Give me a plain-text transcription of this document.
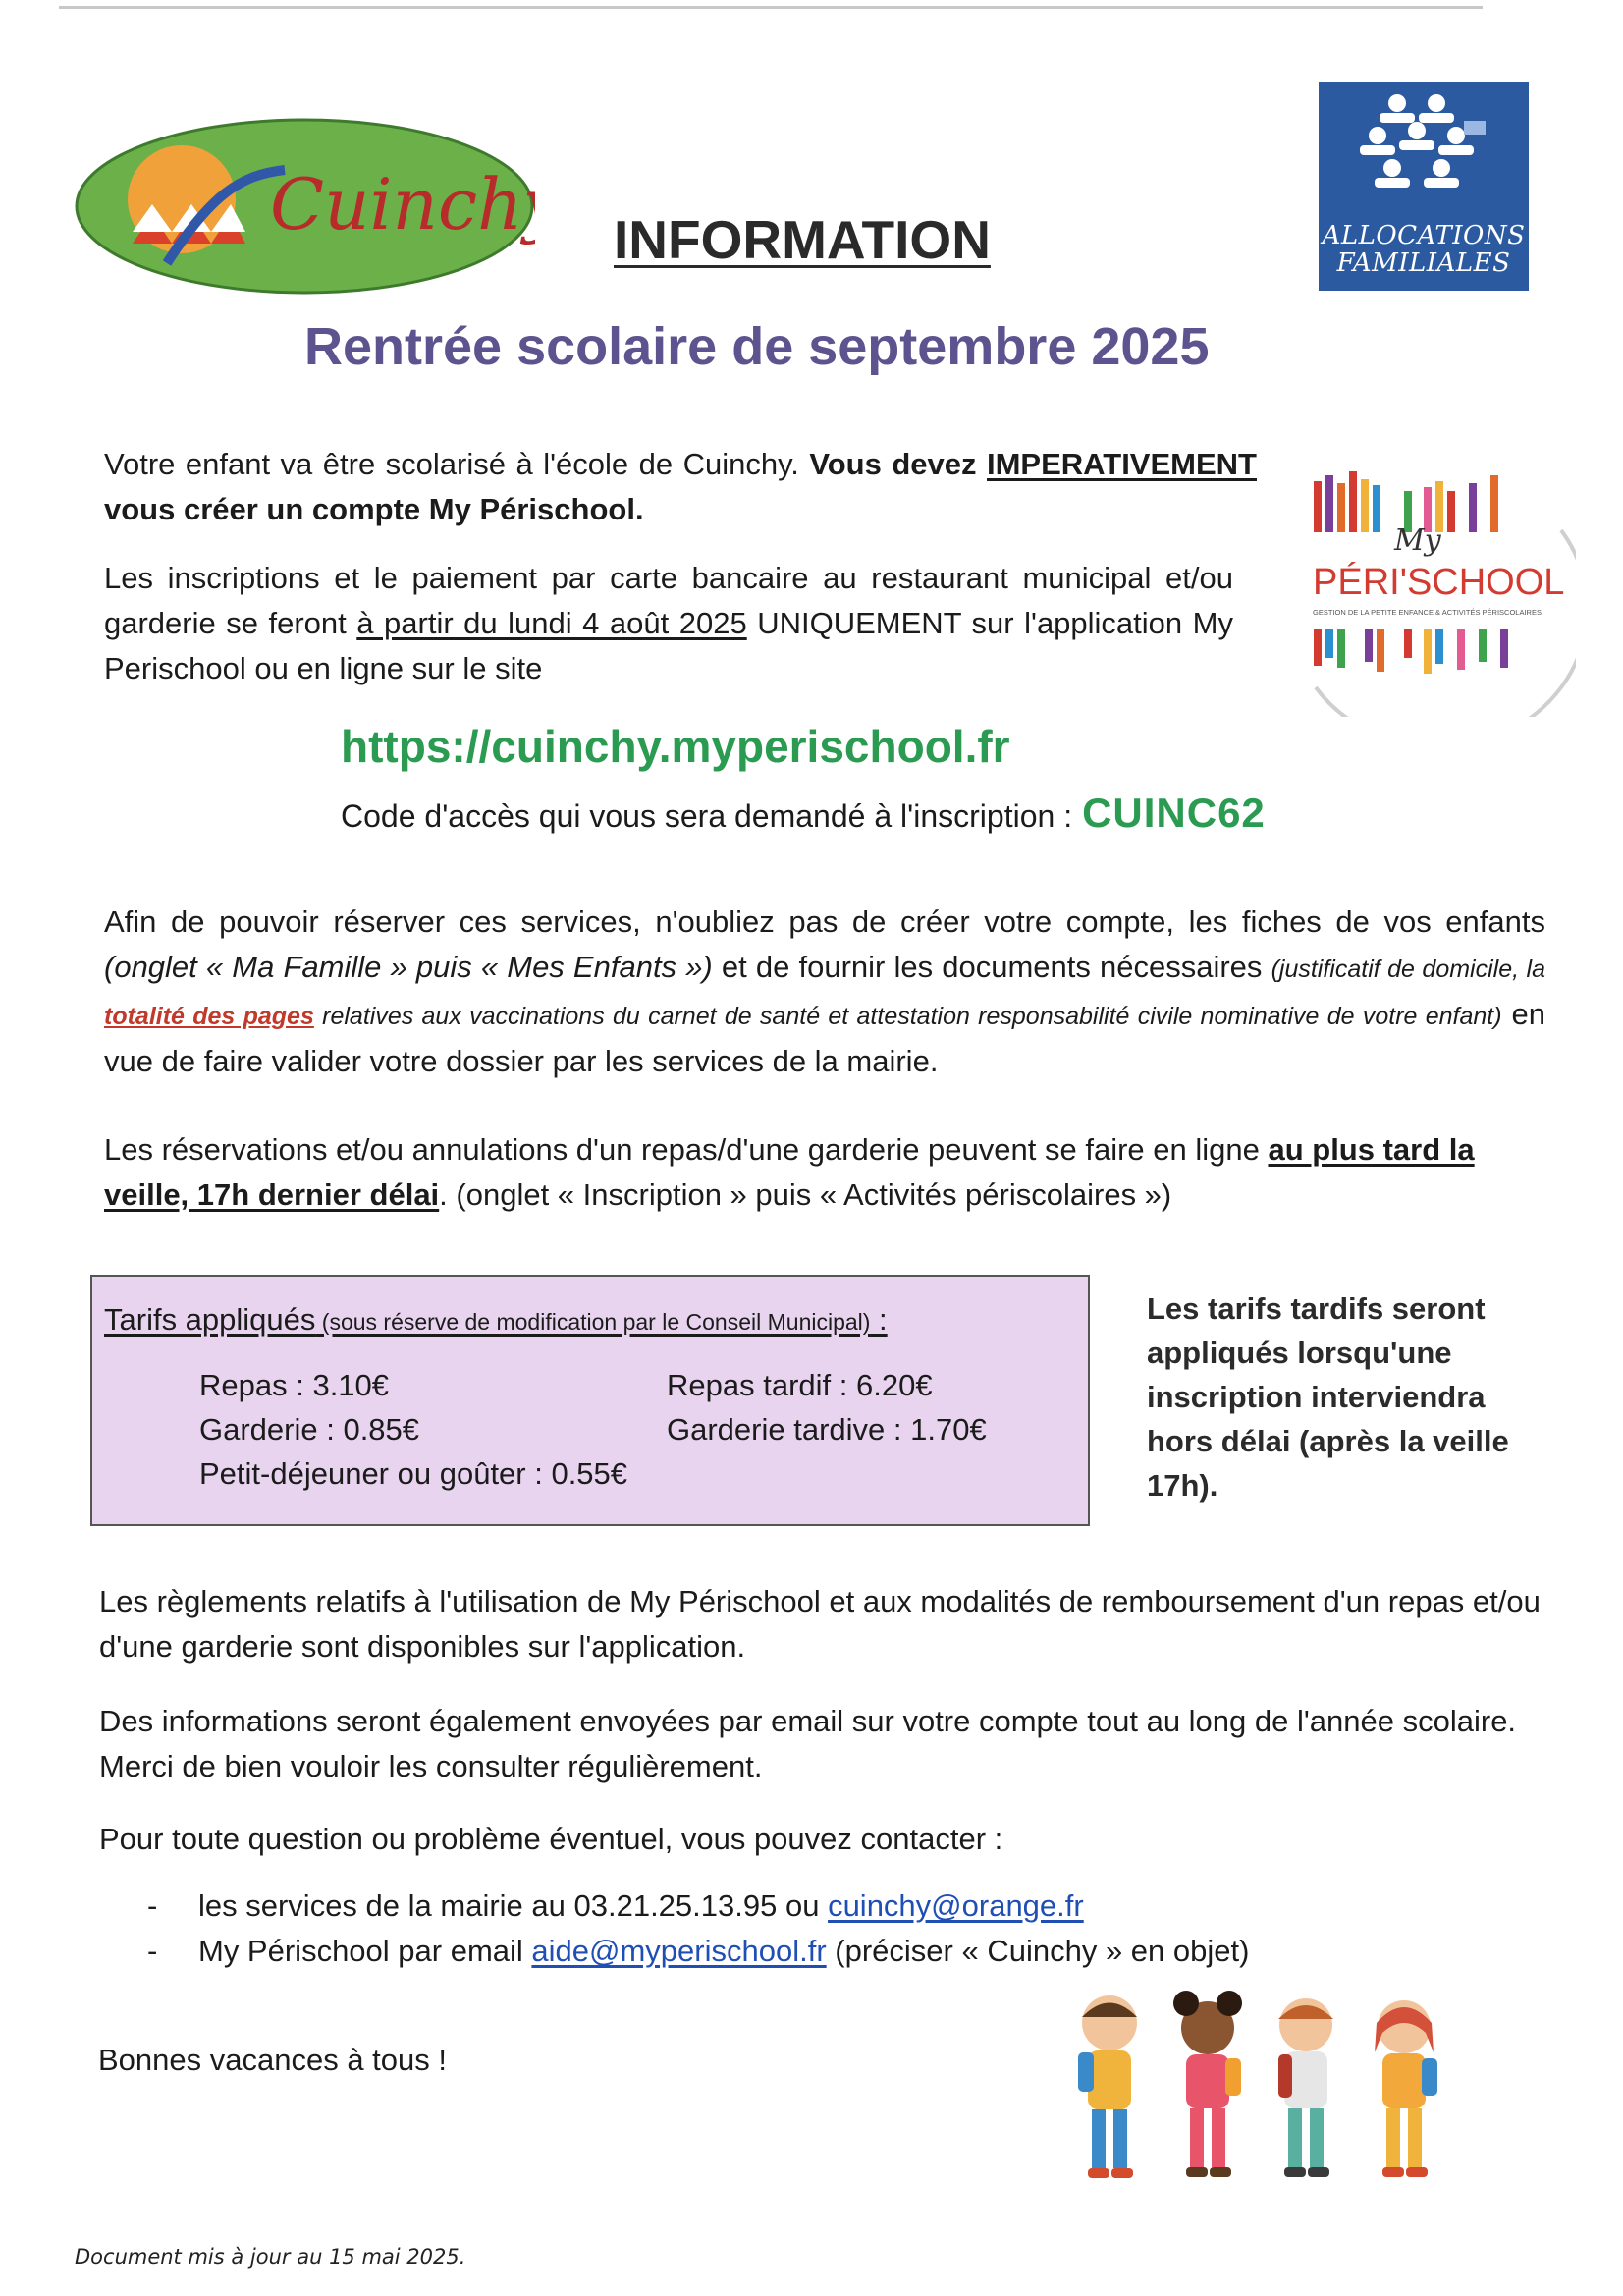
Cuinchy	ALLOCATIONS
FAMILIALES
INFORMATION
Rentrée scolaire de septembre 2025
My
PÉRI'SCHOOL
GESTION DE LA PETITE ENFANCE & ACTIVITÉS PÉRISCOLAIRES
Votre enfant va être scolarisé à l'école de Cuinchy. Vous devez IMPERATIVEMENT vous créer un compte My Périschool.
Les inscriptions et le paiement par carte bancaire au restaurant municipal et/ou garderie se feront à partir du lundi 4 août 2025 UNIQUEMENT sur l'application My Perischool ou en ligne sur le site
https://cuinchy.myperischool.fr
Code d'accès qui vous sera demandé à l'inscription : CUINC62
Afin de pouvoir réserver ces services, n'oubliez pas de créer votre compte, les fiches de vos enfants (onglet « Ma Famille » puis « Mes Enfants ») et de fournir les documents nécessaires (justificatif de domicile, la totalité des pages relatives aux vaccinations du carnet de santé et attestation responsabilité civile nominative de votre enfant) en vue de faire valider votre dossier par les services de la mairie.
Les réservations et/ou annulations d'un repas/d'une garderie peuvent se faire en ligne au plus tard la veille, 17h dernier délai. (onglet « Inscription » puis « Activités périscolaires »)
Tarifs appliqués (sous réserve de modification par le Conseil Municipal) :
Repas : 3.10€	Repas tardif : 6.20€
Garderie : 0.85€	Garderie tardive : 1.70€
Petit-déjeuner ou goûter : 0.55€
Les tarifs tardifs seront appliqués lorsqu'une inscription interviendra hors délai (après la veille 17h).
Les règlements relatifs à l'utilisation de My Périschool et aux modalités de remboursement d'un repas et/ou d'une garderie sont disponibles sur l'application.
Des informations seront également envoyées par email sur votre compte tout au long de l'année scolaire. Merci de bien vouloir les consulter régulièrement.
Pour toute question ou problème éventuel, vous pouvez contacter :
- les services de la mairie au 03.21.25.13.95 ou cuinchy@orange.fr
- My Périschool par email aide@myperischool.fr (préciser « Cuinchy » en objet)
Bonnes vacances à tous !
Document mis à jour au 15 mai 2025.
